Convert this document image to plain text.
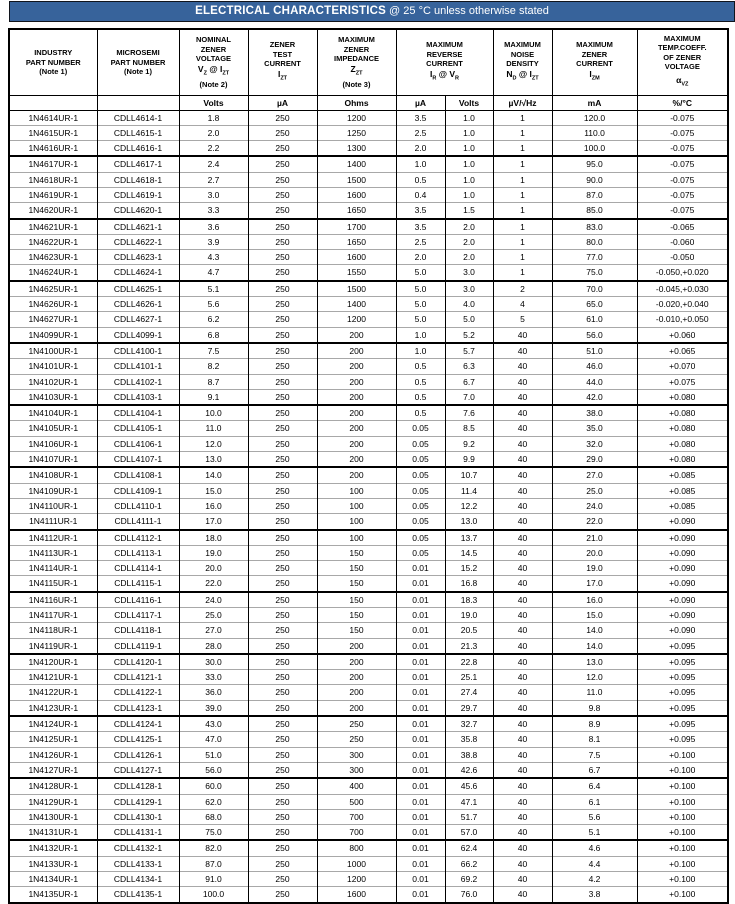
ELECTRICAL CHARACTERISTICS @ 25 °C unless otherwise stated
INDUSTRY
PART NUMBER
(Note 1)

MICROSEMI
PART NUMBER
(Note 1)

NOMINAL
ZENER
VOLTAGE
$V_Z$ @ $I_{ZT}$
(Note 2)

ZENER
TEST
CURRENT
$I_{ZT}$

MAXIMUM
ZENER
IMPEDANCE
$Z_{ZT}$
(Note 3)

MAXIMUM
REVERSE
CURRENT
$I_R$ @ $V_R$

MAXIMUM
NOISE
DENSITY
$N_D$ @ $I_{ZT}$

MAXIMUM
ZENER
CURRENT
$I_{ZM}$

MAXIMUM
TEMP.COEFF.
OF ZENER
VOLTAGE
$\alpha_{VZ}$

		Volts	µA	Ohms	µA	Volts	µV/√Hz	mA	%/°C
1N4614UR-1	CDLL4614-1	1.8	250	1200	3.5	1.0	1	120.0	-0.075
1N4615UR-1	CDLL4615-1	2.0	250	1250	2.5	1.0	1	110.0	-0.075
1N4616UR-1	CDLL4616-1	2.2	250	1300	2.0	1.0	1	100.0	-0.075
1N4617UR-1	CDLL4617-1	2.4	250	1400	1.0	1.0	1	95.0	-0.075
1N4618UR-1	CDLL4618-1	2.7	250	1500	0.5	1.0	1	90.0	-0.075
1N4619UR-1	CDLL4619-1	3.0	250	1600	0.4	1.0	1	87.0	-0.075
1N4620UR-1	CDLL4620-1	3.3	250	1650	3.5	1.5	1	85.0	-0.075
1N4621UR-1	CDLL4621-1	3.6	250	1700	3.5	2.0	1	83.0	-0.065
1N4622UR-1	CDLL4622-1	3.9	250	1650	2.5	2.0	1	80.0	-0.060
1N4623UR-1	CDLL4623-1	4.3	250	1600	2.0	2.0	1	77.0	-0.050
1N4624UR-1	CDLL4624-1	4.7	250	1550	5.0	3.0	1	75.0	-0.050,+0.020
1N4625UR-1	CDLL4625-1	5.1	250	1500	5.0	3.0	2	70.0	-0.045,+0.030
1N4626UR-1	CDLL4626-1	5.6	250	1400	5.0	4.0	4	65.0	-0.020,+0.040
1N4627UR-1	CDLL4627-1	6.2	250	1200	5.0	5.0	5	61.0	-0.010,+0.050
1N4099UR-1	CDLL4099-1	6.8	250	200	1.0	5.2	40	56.0	+0.060
1N4100UR-1	CDLL4100-1	7.5	250	200	1.0	5.7	40	51.0	+0.065
1N4101UR-1	CDLL4101-1	8.2	250	200	0.5	6.3	40	46.0	+0.070
1N4102UR-1	CDLL4102-1	8.7	250	200	0.5	6.7	40	44.0	+0.075
1N4103UR-1	CDLL4103-1	9.1	250	200	0.5	7.0	40	42.0	+0.080
1N4104UR-1	CDLL4104-1	10.0	250	200	0.5	7.6	40	38.0	+0.080
1N4105UR-1	CDLL4105-1	11.0	250	200	0.05	8.5	40	35.0	+0.080
1N4106UR-1	CDLL4106-1	12.0	250	200	0.05	9.2	40	32.0	+0.080
1N4107UR-1	CDLL4107-1	13.0	250	200	0.05	9.9	40	29.0	+0.080
1N4108UR-1	CDLL4108-1	14.0	250	200	0.05	10.7	40	27.0	+0.085
1N4109UR-1	CDLL4109-1	15.0	250	100	0.05	11.4	40	25.0	+0.085
1N4110UR-1	CDLL4110-1	16.0	250	100	0.05	12.2	40	24.0	+0.085
1N4111UR-1	CDLL4111-1	17.0	250	100	0.05	13.0	40	22.0	+0.090
1N4112UR-1	CDLL4112-1	18.0	250	100	0.05	13.7	40	21.0	+0.090
1N4113UR-1	CDLL4113-1	19.0	250	150	0.05	14.5	40	20.0	+0.090
1N4114UR-1	CDLL4114-1	20.0	250	150	0.01	15.2	40	19.0	+0.090
1N4115UR-1	CDLL4115-1	22.0	250	150	0.01	16.8	40	17.0	+0.090
1N4116UR-1	CDLL4116-1	24.0	250	150	0.01	18.3	40	16.0	+0.090
1N4117UR-1	CDLL4117-1	25.0	250	150	0.01	19.0	40	15.0	+0.090
1N4118UR-1	CDLL4118-1	27.0	250	150	0.01	20.5	40	14.0	+0.090
1N4119UR-1	CDLL4119-1	28.0	250	200	0.01	21.3	40	14.0	+0.095
1N4120UR-1	CDLL4120-1	30.0	250	200	0.01	22.8	40	13.0	+0.095
1N4121UR-1	CDLL4121-1	33.0	250	200	0.01	25.1	40	12.0	+0.095
1N4122UR-1	CDLL4122-1	36.0	250	200	0.01	27.4	40	11.0	+0.095
1N4123UR-1	CDLL4123-1	39.0	250	200	0.01	29.7	40	9.8	+0.095
1N4124UR-1	CDLL4124-1	43.0	250	250	0.01	32.7	40	8.9	+0.095
1N4125UR-1	CDLL4125-1	47.0	250	250	0.01	35.8	40	8.1	+0.095
1N4126UR-1	CDLL4126-1	51.0	250	300	0.01	38.8	40	7.5	+0.100
1N4127UR-1	CDLL4127-1	56.0	250	300	0.01	42.6	40	6.7	+0.100
1N4128UR-1	CDLL4128-1	60.0	250	400	0.01	45.6	40	6.4	+0.100
1N4129UR-1	CDLL4129-1	62.0	250	500	0.01	47.1	40	6.1	+0.100
1N4130UR-1	CDLL4130-1	68.0	250	700	0.01	51.7	40	5.6	+0.100
1N4131UR-1	CDLL4131-1	75.0	250	700	0.01	57.0	40	5.1	+0.100
1N4132UR-1	CDLL4132-1	82.0	250	800	0.01	62.4	40	4.6	+0.100
1N4133UR-1	CDLL4133-1	87.0	250	1000	0.01	66.2	40	4.4	+0.100
1N4134UR-1	CDLL4134-1	91.0	250	1200	0.01	69.2	40	4.2	+0.100
1N4135UR-1	CDLL4135-1	100.0	250	1600	0.01	76.0	40	3.8	+0.100
